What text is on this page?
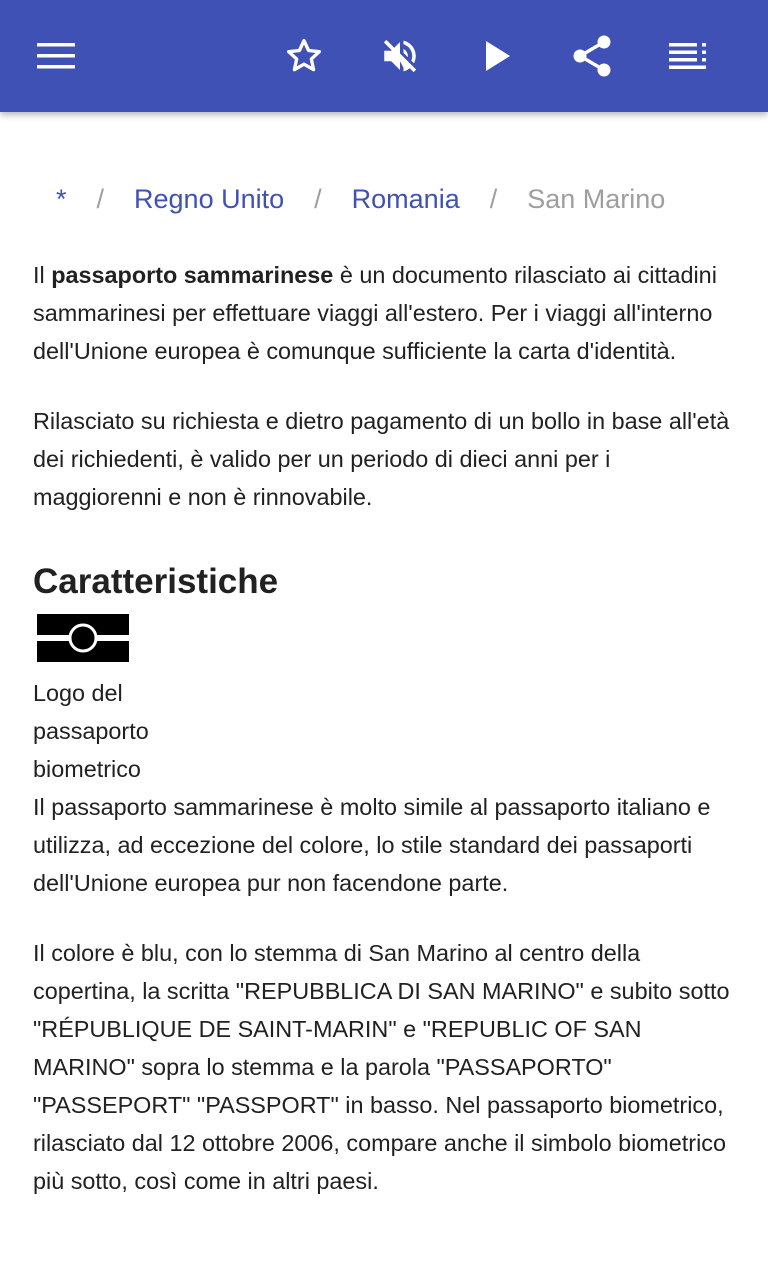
* / Regno Unito / Romania / San Marino

Il passaporto sammarinese è un documento rilasciato ai cittadini sammarinesi per effettuare viaggi all'estero. Per i viaggi all'interno dell'Unione europea è comunque sufficiente la carta d'identità.

Rilasciato su richiesta e dietro pagamento di un bollo in base all'età dei richiedenti, è valido per un periodo di dieci anni per i maggiorenni e non è rinnovabile.

Caratteristiche
Logo del passaporto biometrico

Il passaporto sammarinese è molto simile al passaporto italiano e utilizza, ad eccezione del colore, lo stile standard dei passaporti dell'Unione europea pur non facendone parte.

Il colore è blu, con lo stemma di San Marino al centro della copertina, la scritta "REPUBBLICA DI SAN MARINO" e subito sotto "RÉPUBLIQUE DE SAINT-MARIN" e "REPUBLIC OF SAN MARINO" sopra lo stemma e la parola "PASSAPORTO" "PASSEPORT" "PASSPORT" in basso. Nel passaporto biometrico, rilasciato dal 12 ottobre 2006, compare anche il simbolo biometrico più sotto, così come in altri paesi.
